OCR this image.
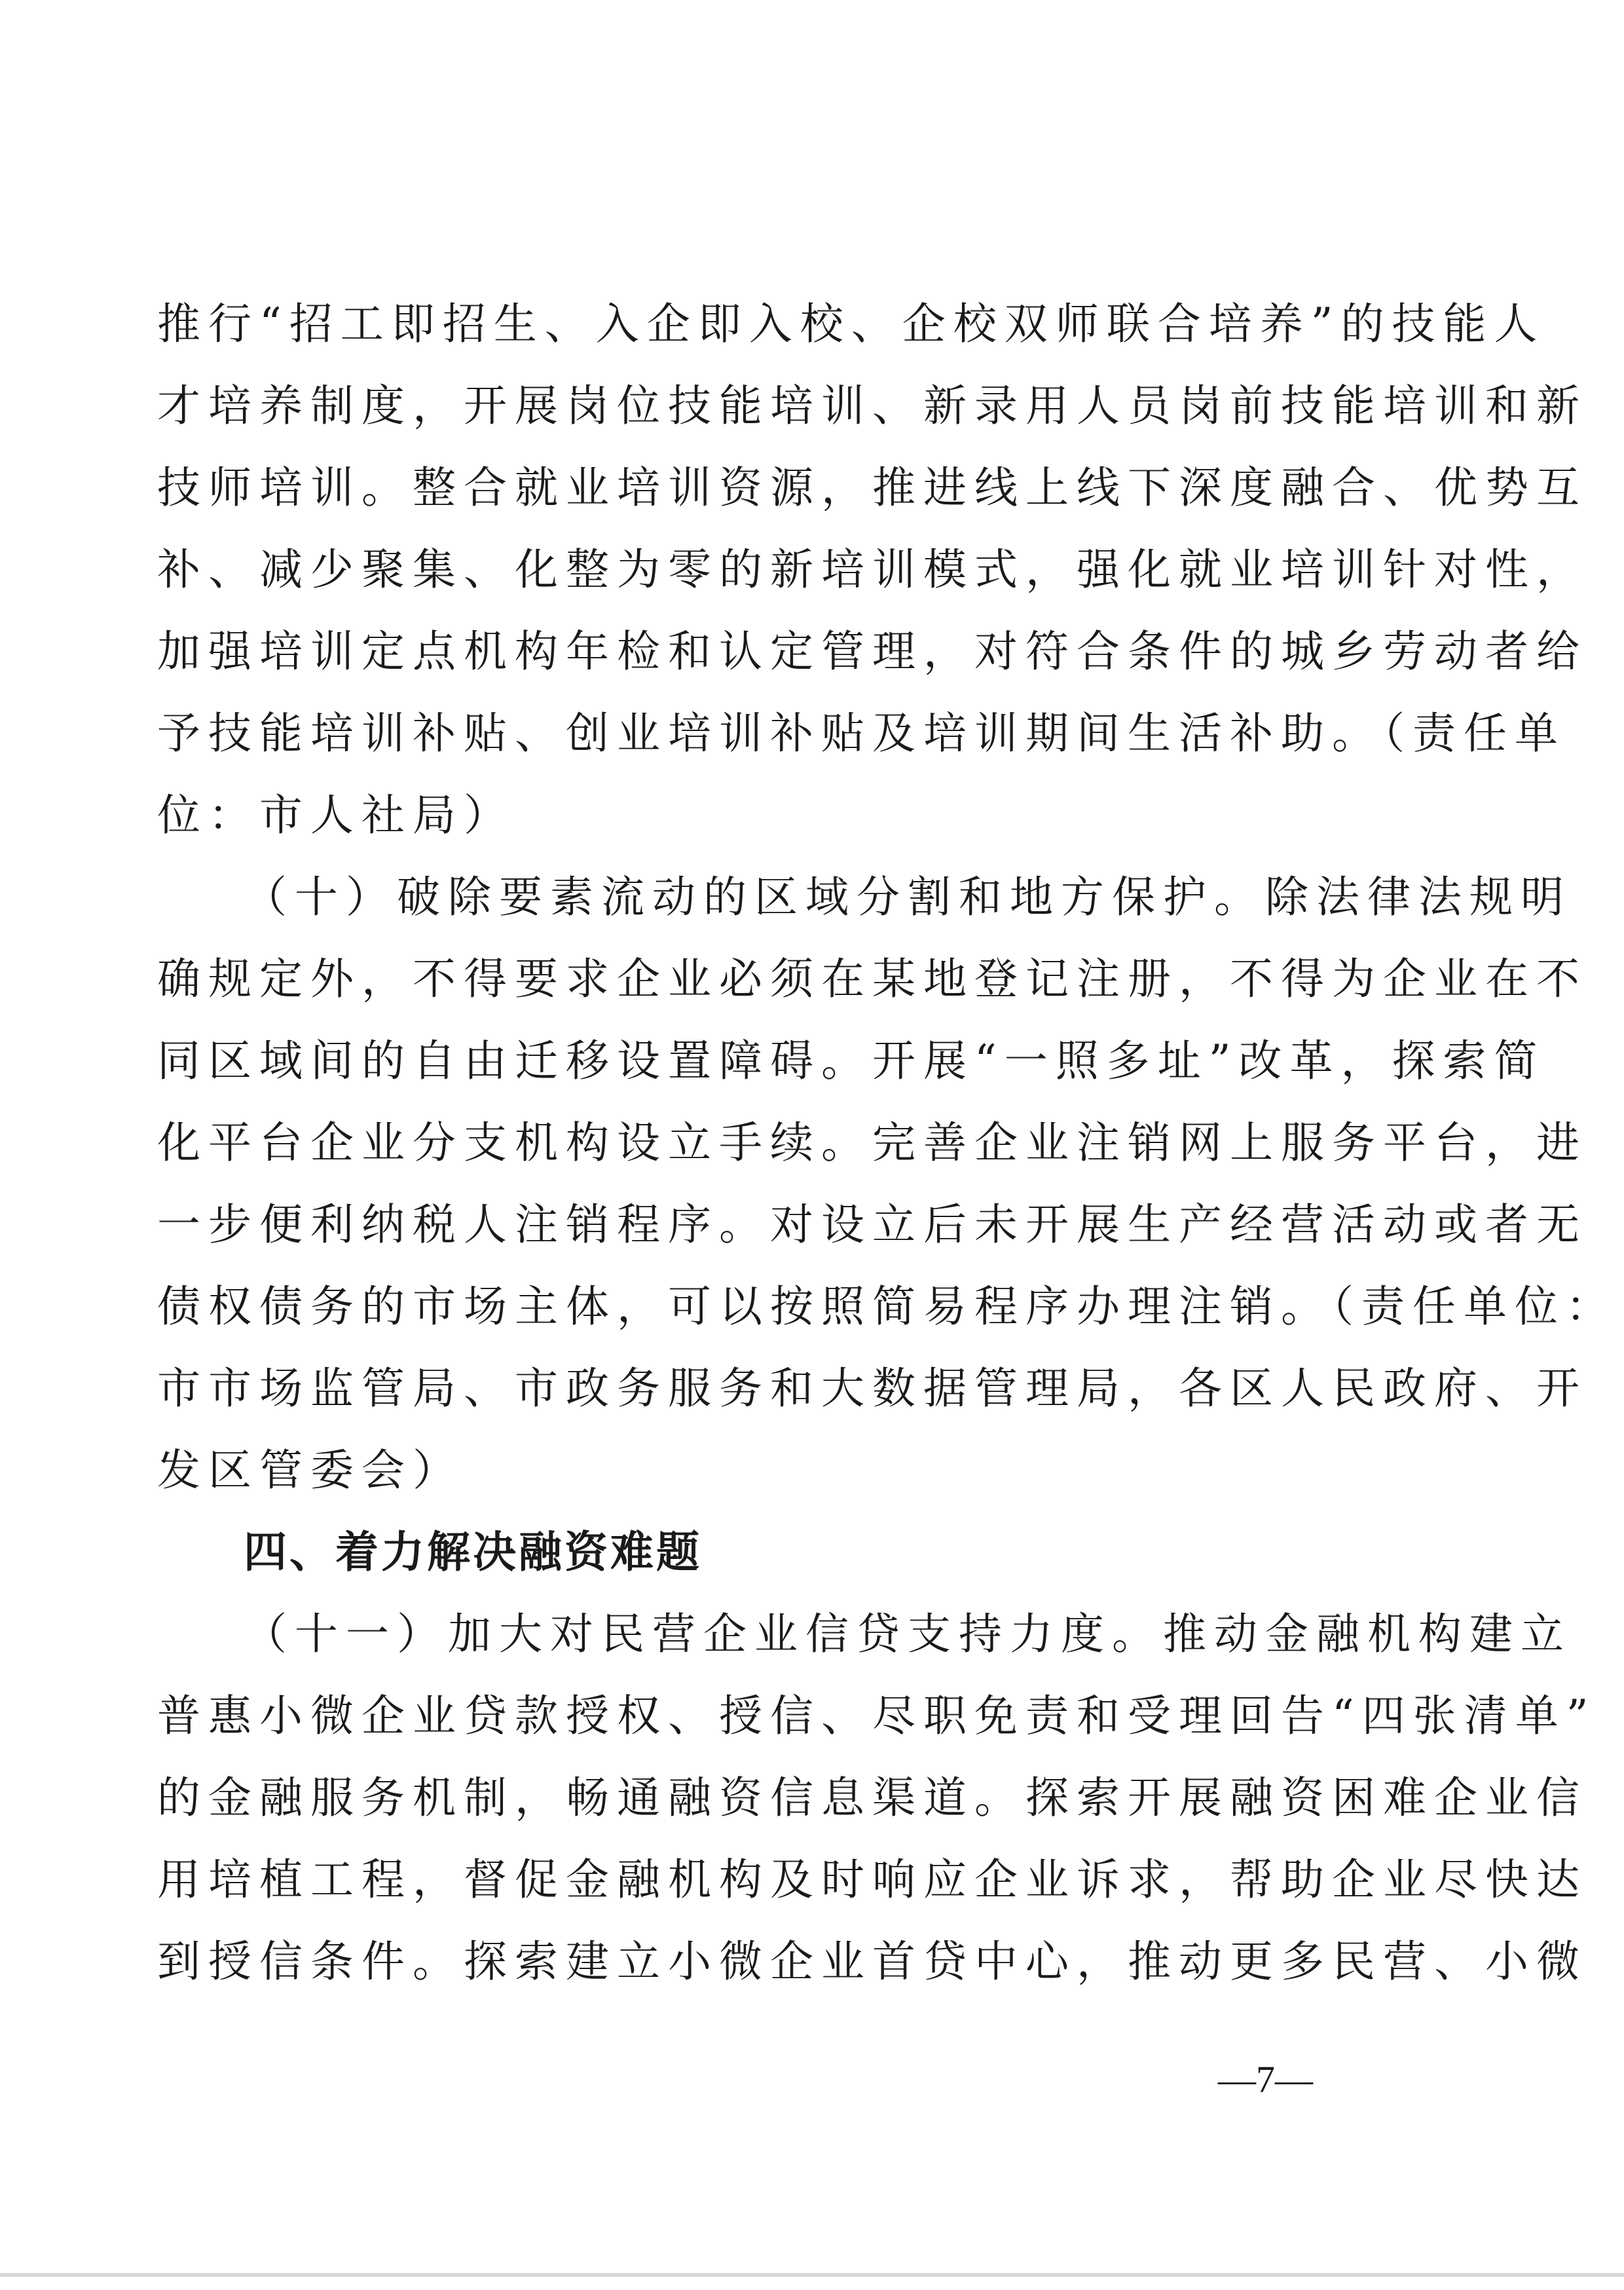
推行“招工即招生、入企即入校、企校双师联合培养”的技能人
才培养制度，开展岗位技能培训、新录用人员岗前技能培训和新
技师培训。整合就业培训资源，推进线上线下深度融合、优势互
补、减少聚集、化整为零的新培训模式，强化就业培训针对性，
加强培训定点机构年检和认定管理，对符合条件的城乡劳动者给
予技能培训补贴、创业培训补贴及培训期间生活补助。（责任单
位：市人社局）
（十）破除要素流动的区域分割和地方保护。除法律法规明
确规定外，不得要求企业必须在某地登记注册，不得为企业在不
同区域间的自由迁移设置障碍。开展“一照多址”改革，探索简
化平台企业分支机构设立手续。完善企业注销网上服务平台，进
一步便利纳税人注销程序。对设立后未开展生产经营活动或者无
债权债务的市场主体，可以按照简易程序办理注销。（责任单位：
市市场监管局、市政务服务和大数据管理局，各区人民政府、开
发区管委会）
四、着力解决融资难题
（十一）加大对民营企业信贷支持力度。推动金融机构建立
普惠小微企业贷款授权、授信、尽职免责和受理回告“四张清单”
的金融服务机制，畅通融资信息渠道。探索开展融资困难企业信
用培植工程，督促金融机构及时响应企业诉求，帮助企业尽快达
到授信条件。探索建立小微企业首贷中心，推动更多民营、小微
—7—
